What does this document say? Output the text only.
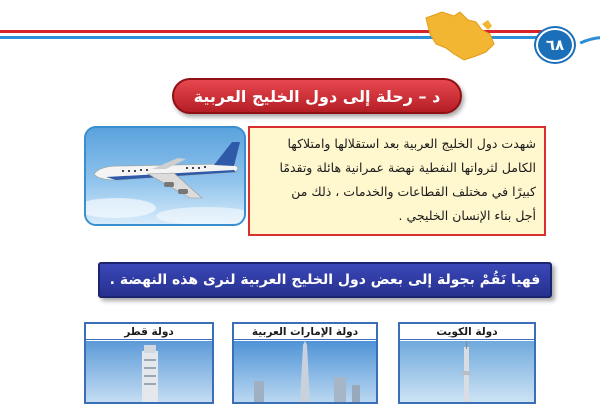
٦٨
د – رحلة إلى دول الخليج العربية
شهدت دول الخليج العربية بعد استقلالها وامتلاكها
الكامل لثرواتها النفطية نهضة عمرانية هائلة وتقدمًا
كبيرًا في مختلف القطاعات والخدمات ، ذلك من
أجل بناء الإنسان الخليجي .
فهيا نَقُمْ بجولة إلى بعض دول الخليج العربية لنرى هذه النهضة .
دولة الكويت
دولة الإمارات العربية
دولة قطر
